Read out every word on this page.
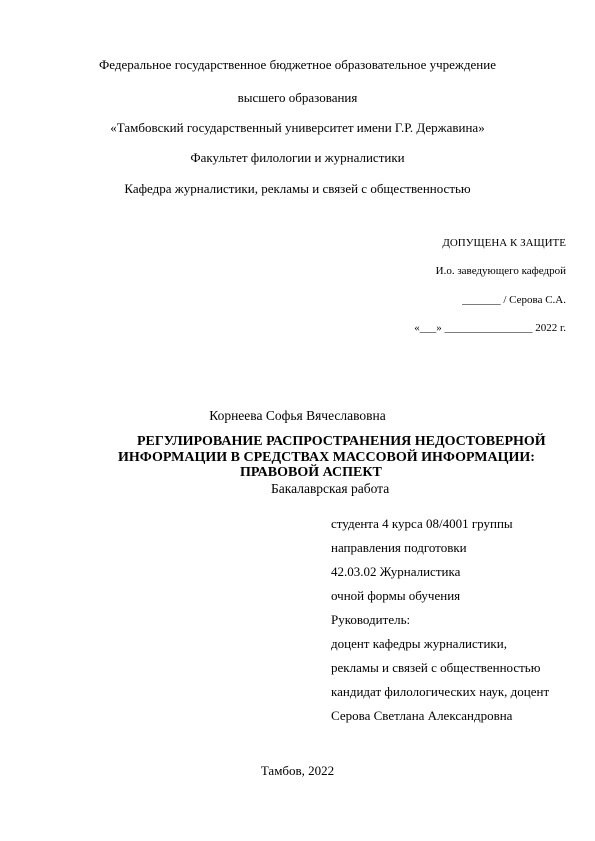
Федеральное государственное бюджетное образовательное учреждение
высшего образования
«Тамбовский государственный университет имени Г.Р. Державина»
Факультет филологии и журналистики
Кафедра журналистики, рекламы и связей с общественностью
ДОПУЩЕНА К ЗАЩИТЕ
И.о. заведующего кафедрой
_______ / Серова С.А.
«___» ________________ 2022 г.
Корнеева Софья Вячеславовна
РЕГУЛИРОВАНИЕ РАСПРОСТРАНЕНИЯ НЕДОСТОВЕРНОЙ
ИНФОРМАЦИИ В СРЕДСТВАХ МАССОВОЙ ИНФОРМАЦИИ:
ПРАВОВОЙ АСПЕКТ
Бакалаврская работа
студента 4 курса 08/4001 группы
направления подготовки
42.03.02 Журналистика
очной формы обучения
Руководитель:
доцент кафедры журналистики,
рекламы и связей с общественностью
кандидат филологических наук, доцент
Серова Светлана Александровна
Тамбов, 2022
